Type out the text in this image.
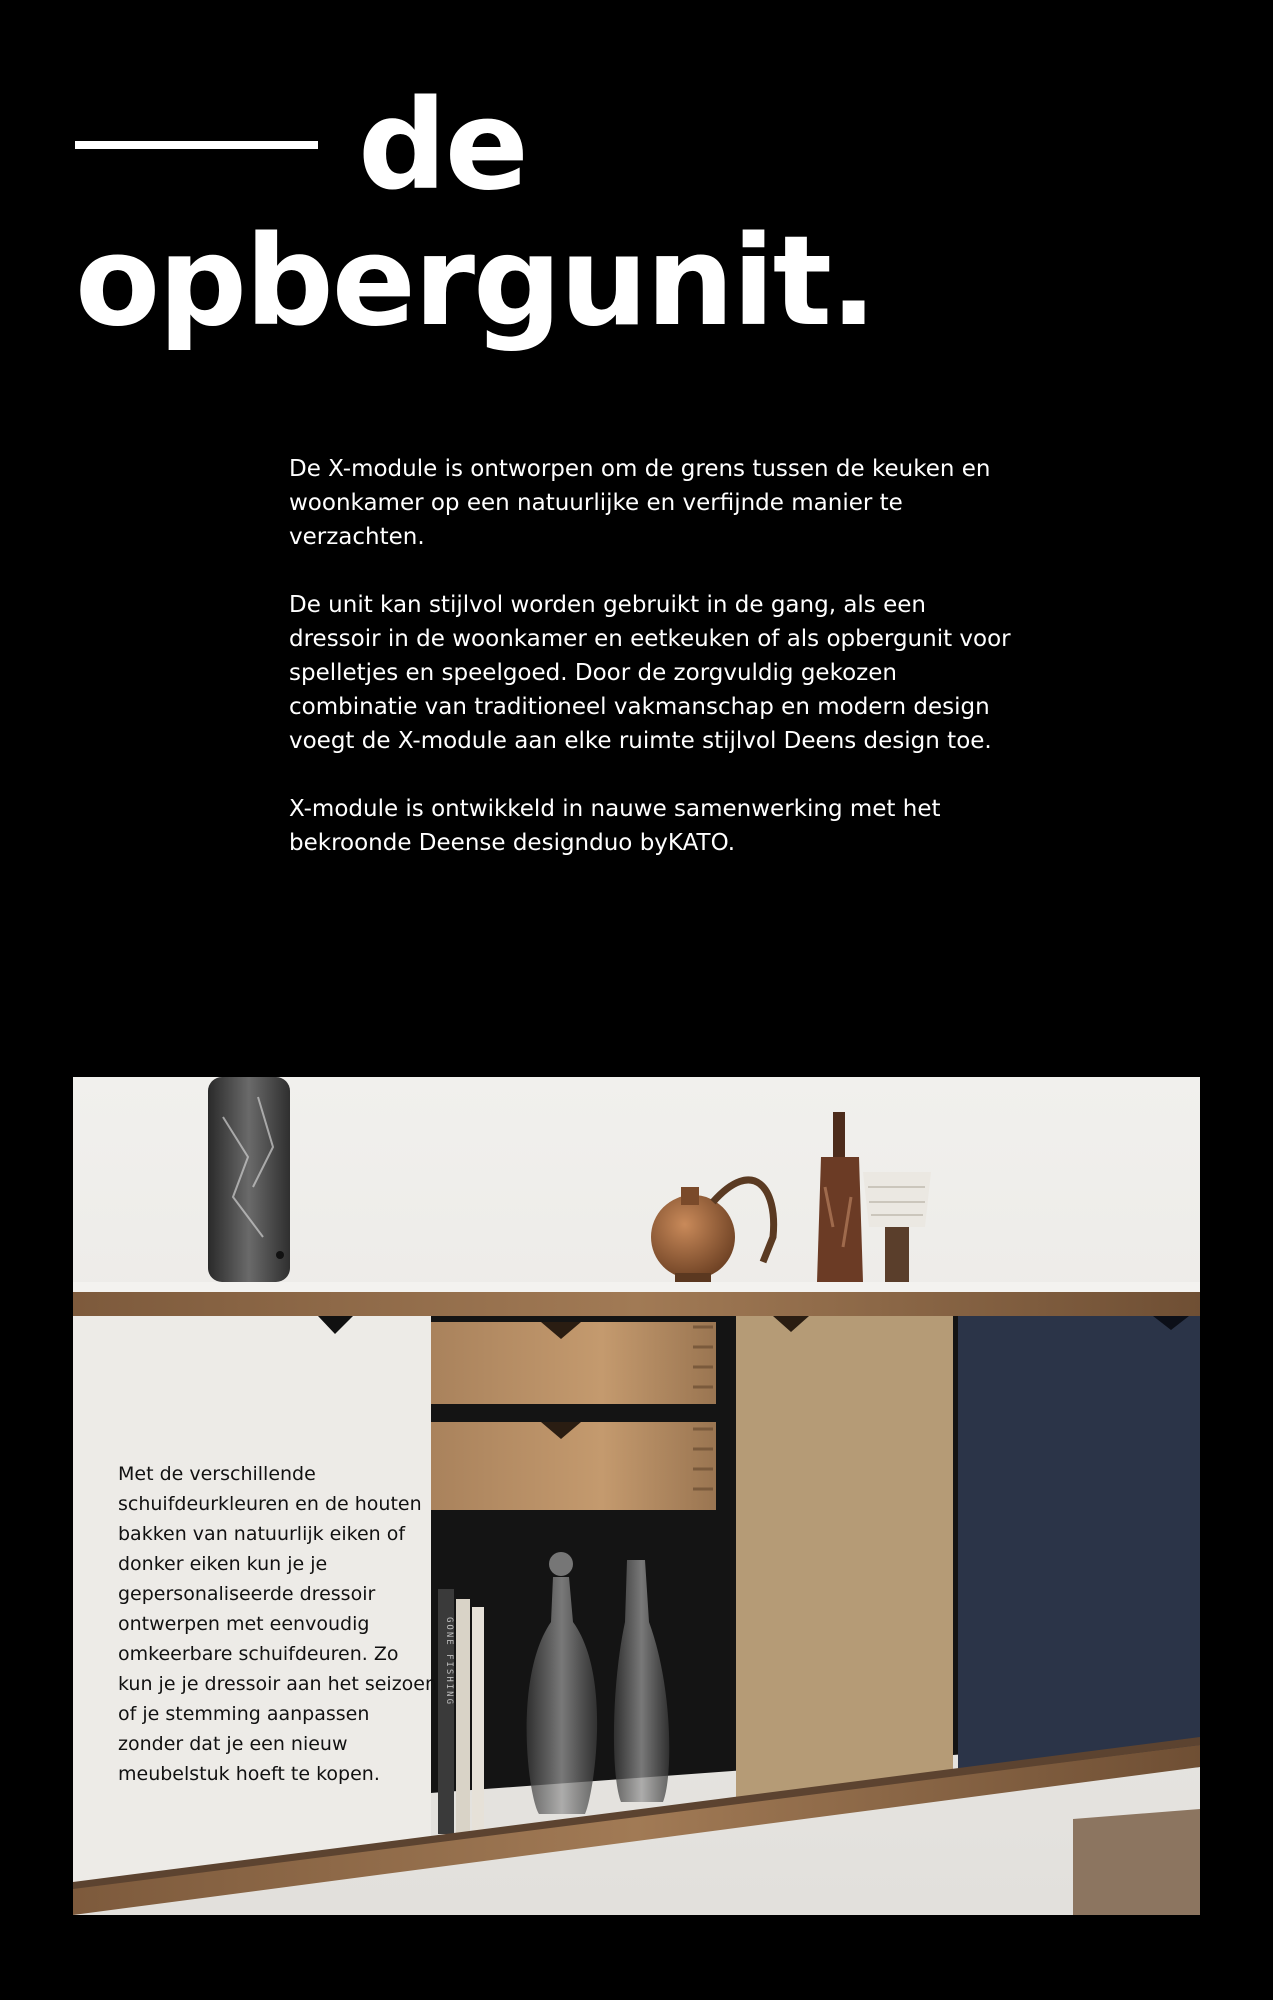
de
opbergunit.

De X-module is ontworpen om de grens tussen de keuken en woonkamer op een natuurlijke en verfijnde manier te verzachten.

De unit kan stijlvol worden gebruikt in de gang, als een dressoir in de woonkamer en eetkeuken of als opbergunit voor spelletjes en speelgoed. Door de zorgvuldig gekozen combinatie van traditioneel vakmanschap en modern design voegt de X-module aan elke ruimte stijlvol Deens design toe.

X-module is ontwikkeld in nauwe samenwerking met het bekroonde Deense designduo byKATO.

GONE FISHING
Met de verschillende schuifdeurkleuren en de houten bakken van natuurlijk eiken of donker eiken kun je je gepersonaliseerde dressoir ontwerpen met eenvoudig omkeerbare schuifdeuren. Zo kun je je dressoir aan het seizoen of je stemming aanpassen zonder dat je een nieuw meubelstuk hoeft te kopen.
